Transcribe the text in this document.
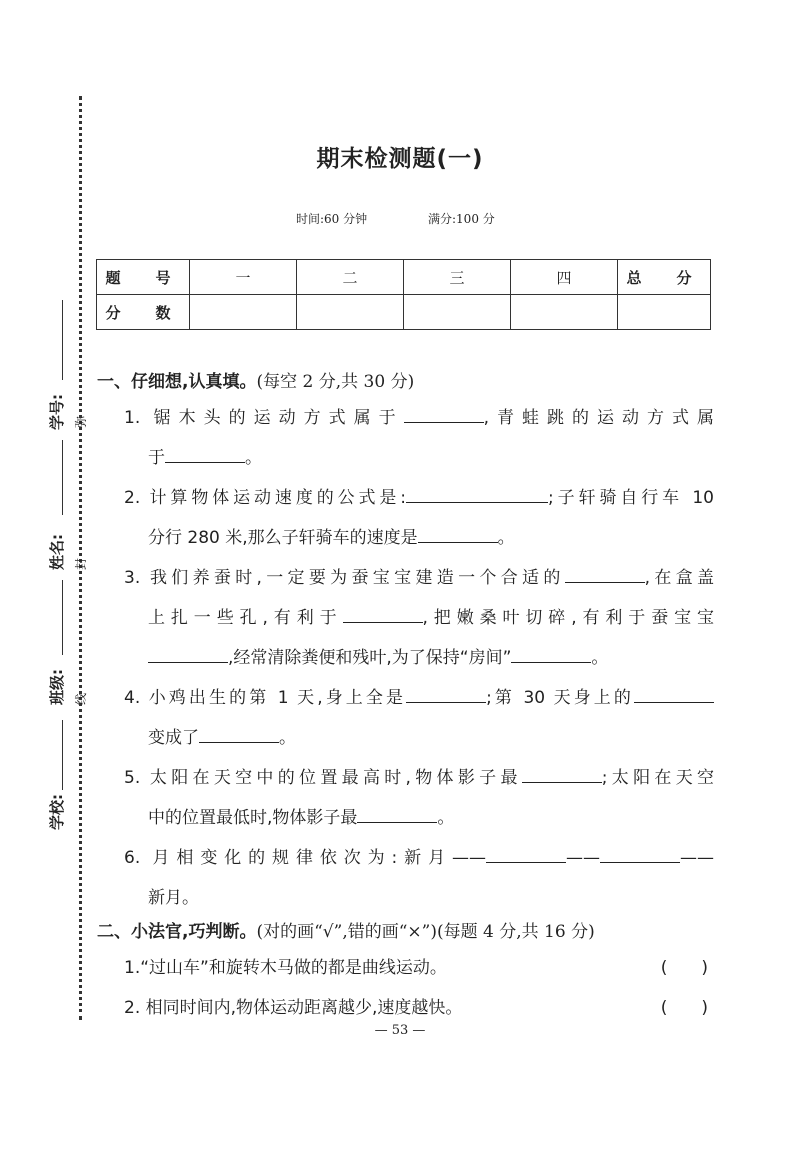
学号:
姓名:
班级:
学校:
弥
封
线
期末检测题(一)
时间:60 分钟	满分:100 分
题　号	一	二	三	四	总　分
分　数					
一、仔细想,认真填。(每空 2 分,共 30 分)
1. 锯木头的运动方式属于	,青蛙跳的运动方式属
于	。
2. 计算物体运动速度的公式是:	;子轩骑自行车 10
分行 280 米,那么子轩骑车的速度是	。
3. 我们养蚕时,一定要为蚕宝宝建造一个合适的	,在盒盖
上扎一些孔,有利于	,把嫩桑叶切碎,有利于蚕宝宝
,经常清除粪便和残叶,为了保持“房间”	。
4. 小鸡出生的第 1 天,身上全是	;第 30 天身上的
变成了	。
5. 太阳在天空中的位置最高时,物体影子最	;太阳在天空
中的位置最低时,物体影子最	。
6. 月相变化的规律依次为:新月——	——	——
新月。
二、小法官,巧判断。(对的画“√”,错的画“×”)(每题 4 分,共 16 分)
1.“过山车”和旋转木马做的都是曲线运动。	(　　)
2. 相同时间内,物体运动距离越少,速度越快。	(　　)
— 53 —
